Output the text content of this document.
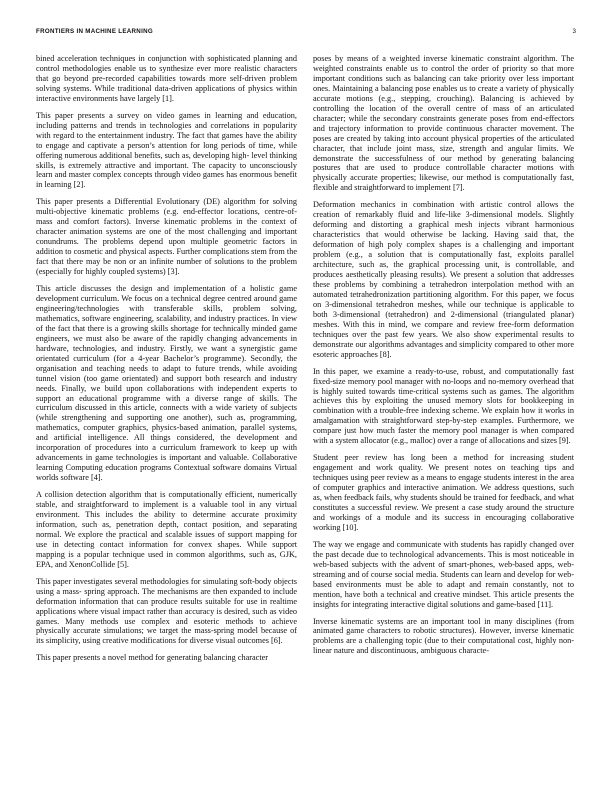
FRONTIERS IN MACHINE LEARNING	3

bined acceleration techniques in conjunction with sophisticated planning and control methodologies enable us to synthesize ever more realistic characters that go beyond pre-recorded capabilities towards more self-driven problem solving systems. While traditional data-driven applications of physics within interactive environments have largely [1].

This paper presents a survey on video games in learning and education, including patterns and trends in technologies and correlations in popularity with regard to the entertainment industry. The fact that games have the ability to engage and captivate a person’s attention for long periods of time, while offering numerous additional benefits, such as, developing high- level thinking skills, is extremely attractive and important. The capacity to unconsciously learn and master complex concepts through video games has enormous benefit in learning [2].

This paper presents a Differential Evolutionary (DE) algorithm for solving multi-objective kinematic problems (e.g. end-effector locations, centre-of-mass and comfort factors). Inverse kinematic problems in the context of character animation systems are one of the most challenging and important conundrums. The problems depend upon multiple geometric factors in addition to cosmetic and physical aspects. Further complications stem from the fact that there may be non or an infinite number of solutions to the problem (especially for highly coupled systems) [3].

This article discusses the design and implementation of a holistic game development curriculum. We focus on a technical degree centred around game engineering/technologies with transferable skills, problem solving, mathematics, software engineering, scalability, and industry practices. In view of the fact that there is a growing skills shortage for technically minded game engineers, we must also be aware of the rapidly changing advancements in hardware, technologies, and industry. Firstly, we want a synergistic game orientated curriculum (for a 4-year Bachelor’s programme). Secondly, the organisation and teaching needs to adapt to future trends, while avoiding tunnel vision (too game orientated) and support both research and industry needs. Finally, we build upon collaborations with independent experts to support an educational programme with a diverse range of skills. The curriculum discussed in this article, connects with a wide variety of subjects (while strengthening and supporting one another), such as, programming, mathematics, computer graphics, physics-based animation, parallel systems, and artificial intelligence. All things considered, the development and incorporation of procedures into a curriculum framework to keep up with advancements in game technologies is important and valuable. Collaborative learning Computing education programs Contextual software domains Virtual worlds software [4].

A collision detection algorithm that is computationally efficient, numerically stable, and straightforward to implement is a valuable tool in any virtual environment. This includes the ability to determine accurate proximity information, such as, penetration depth, contact position, and separating normal. We explore the practical and scalable issues of support mapping for use in detecting contact information for convex shapes. While support mapping is a popular technique used in common algorithms, such as, GJK, EPA, and XenonCollide [5].

This paper investigates several methodologies for simulating soft-body objects using a mass- spring approach. The mechanisms are then expanded to include deformation information that can produce results suitable for use in realtime applications where visual impact rather than accuracy is desired, such as video games. Many methods use complex and esoteric methods to achieve physically accurate simulations; we target the mass-spring model because of its simplicity, using creative modifications for diverse visual outcomes [6].

This paper presents a novel method for generating balancing character

poses by means of a weighted inverse kinematic constraint algorithm. The weighted constraints enable us to control the order of priority so that more important conditions such as balancing can take priority over less important ones. Maintaining a balancing pose enables us to create a variety of physically accurate motions (e.g., stepping, crouching). Balancing is achieved by controlling the location of the overall centre of mass of an articulated character; while the secondary constraints generate poses from end-effectors and trajectory information to provide continuous character movement. The poses are created by taking into account physical properties of the articulated character, that include joint mass, size, strength and angular limits. We demonstrate the successfulness of our method by generating balancing postures that are used to produce controllable character motions with physically accurate properties; likewise, our method is computationally fast, flexible and straightforward to implement [7].

Deformation mechanics in combination with artistic control allows the creation of remarkably fluid and life-like 3-dimensional models. Slightly deforming and distorting a graphical mesh injects vibrant harmonious characteristics that would otherwise be lacking. Having said that, the deformation of high poly complex shapes is a challenging and important problem (e.g., a solution that is computationally fast, exploits parallel architecture, such as, the graphical processing unit, is controllable, and produces aesthetically pleasing results). We present a solution that addresses these problems by combining a tetrahedron interpolation method with an automated tetrahedronization partitioning algorithm. For this paper, we focus on 3-dimensional tetrahedron meshes, while our technique is applicable to both 3-dimensional (tetrahedron) and 2-dimensional (triangulated planar) meshes. With this in mind, we compare and review free-form deformation techniques over the past few years. We also show experimental results to demonstrate our algorithms advantages and simplicity compared to other more esoteric approaches [8].

In this paper, we examine a ready-to-use, robust, and computationally fast fixed-size memory pool manager with no-loops and no-memory overhead that is highly suited towards time-critical systems such as games. The algorithm achieves this by exploiting the unused memory slots for bookkeeping in combination with a trouble-free indexing scheme. We explain how it works in amalgamation with straightforward step-by-step examples. Furthermore, we compare just how much faster the memory pool manager is when compared with a system allocator (e.g., malloc) over a range of allocations and sizes [9].

Student peer review has long been a method for increasing student engagement and work quality. We present notes on teaching tips and techniques using peer review as a means to engage students interest in the area of computer graphics and interactive animation. We address questions, such as, when feedback fails, why students should be trained for feedback, and what constitutes a successful review. We present a case study around the structure and workings of a module and its success in encouraging collaborative working [10].

The way we engage and communicate with students has rapidly changed over the past decade due to technological advancements. This is most noticeable in web-based subjects with the advent of smart-phones, web-based apps, web-streaming and of course social media. Students can learn and develop for web-based environments must be able to adapt and remain constantly, not to mention, have both a technical and creative mindset. This article presents the insights for integrating interactive digital solutions and game-based [11].

Inverse kinematic systems are an important tool in many disciplines (from animated game characters to robotic structures). However, inverse kinematic problems are a challenging topic (due to their computational cost, highly non-linear nature and discontinuous, ambiguous characte-
